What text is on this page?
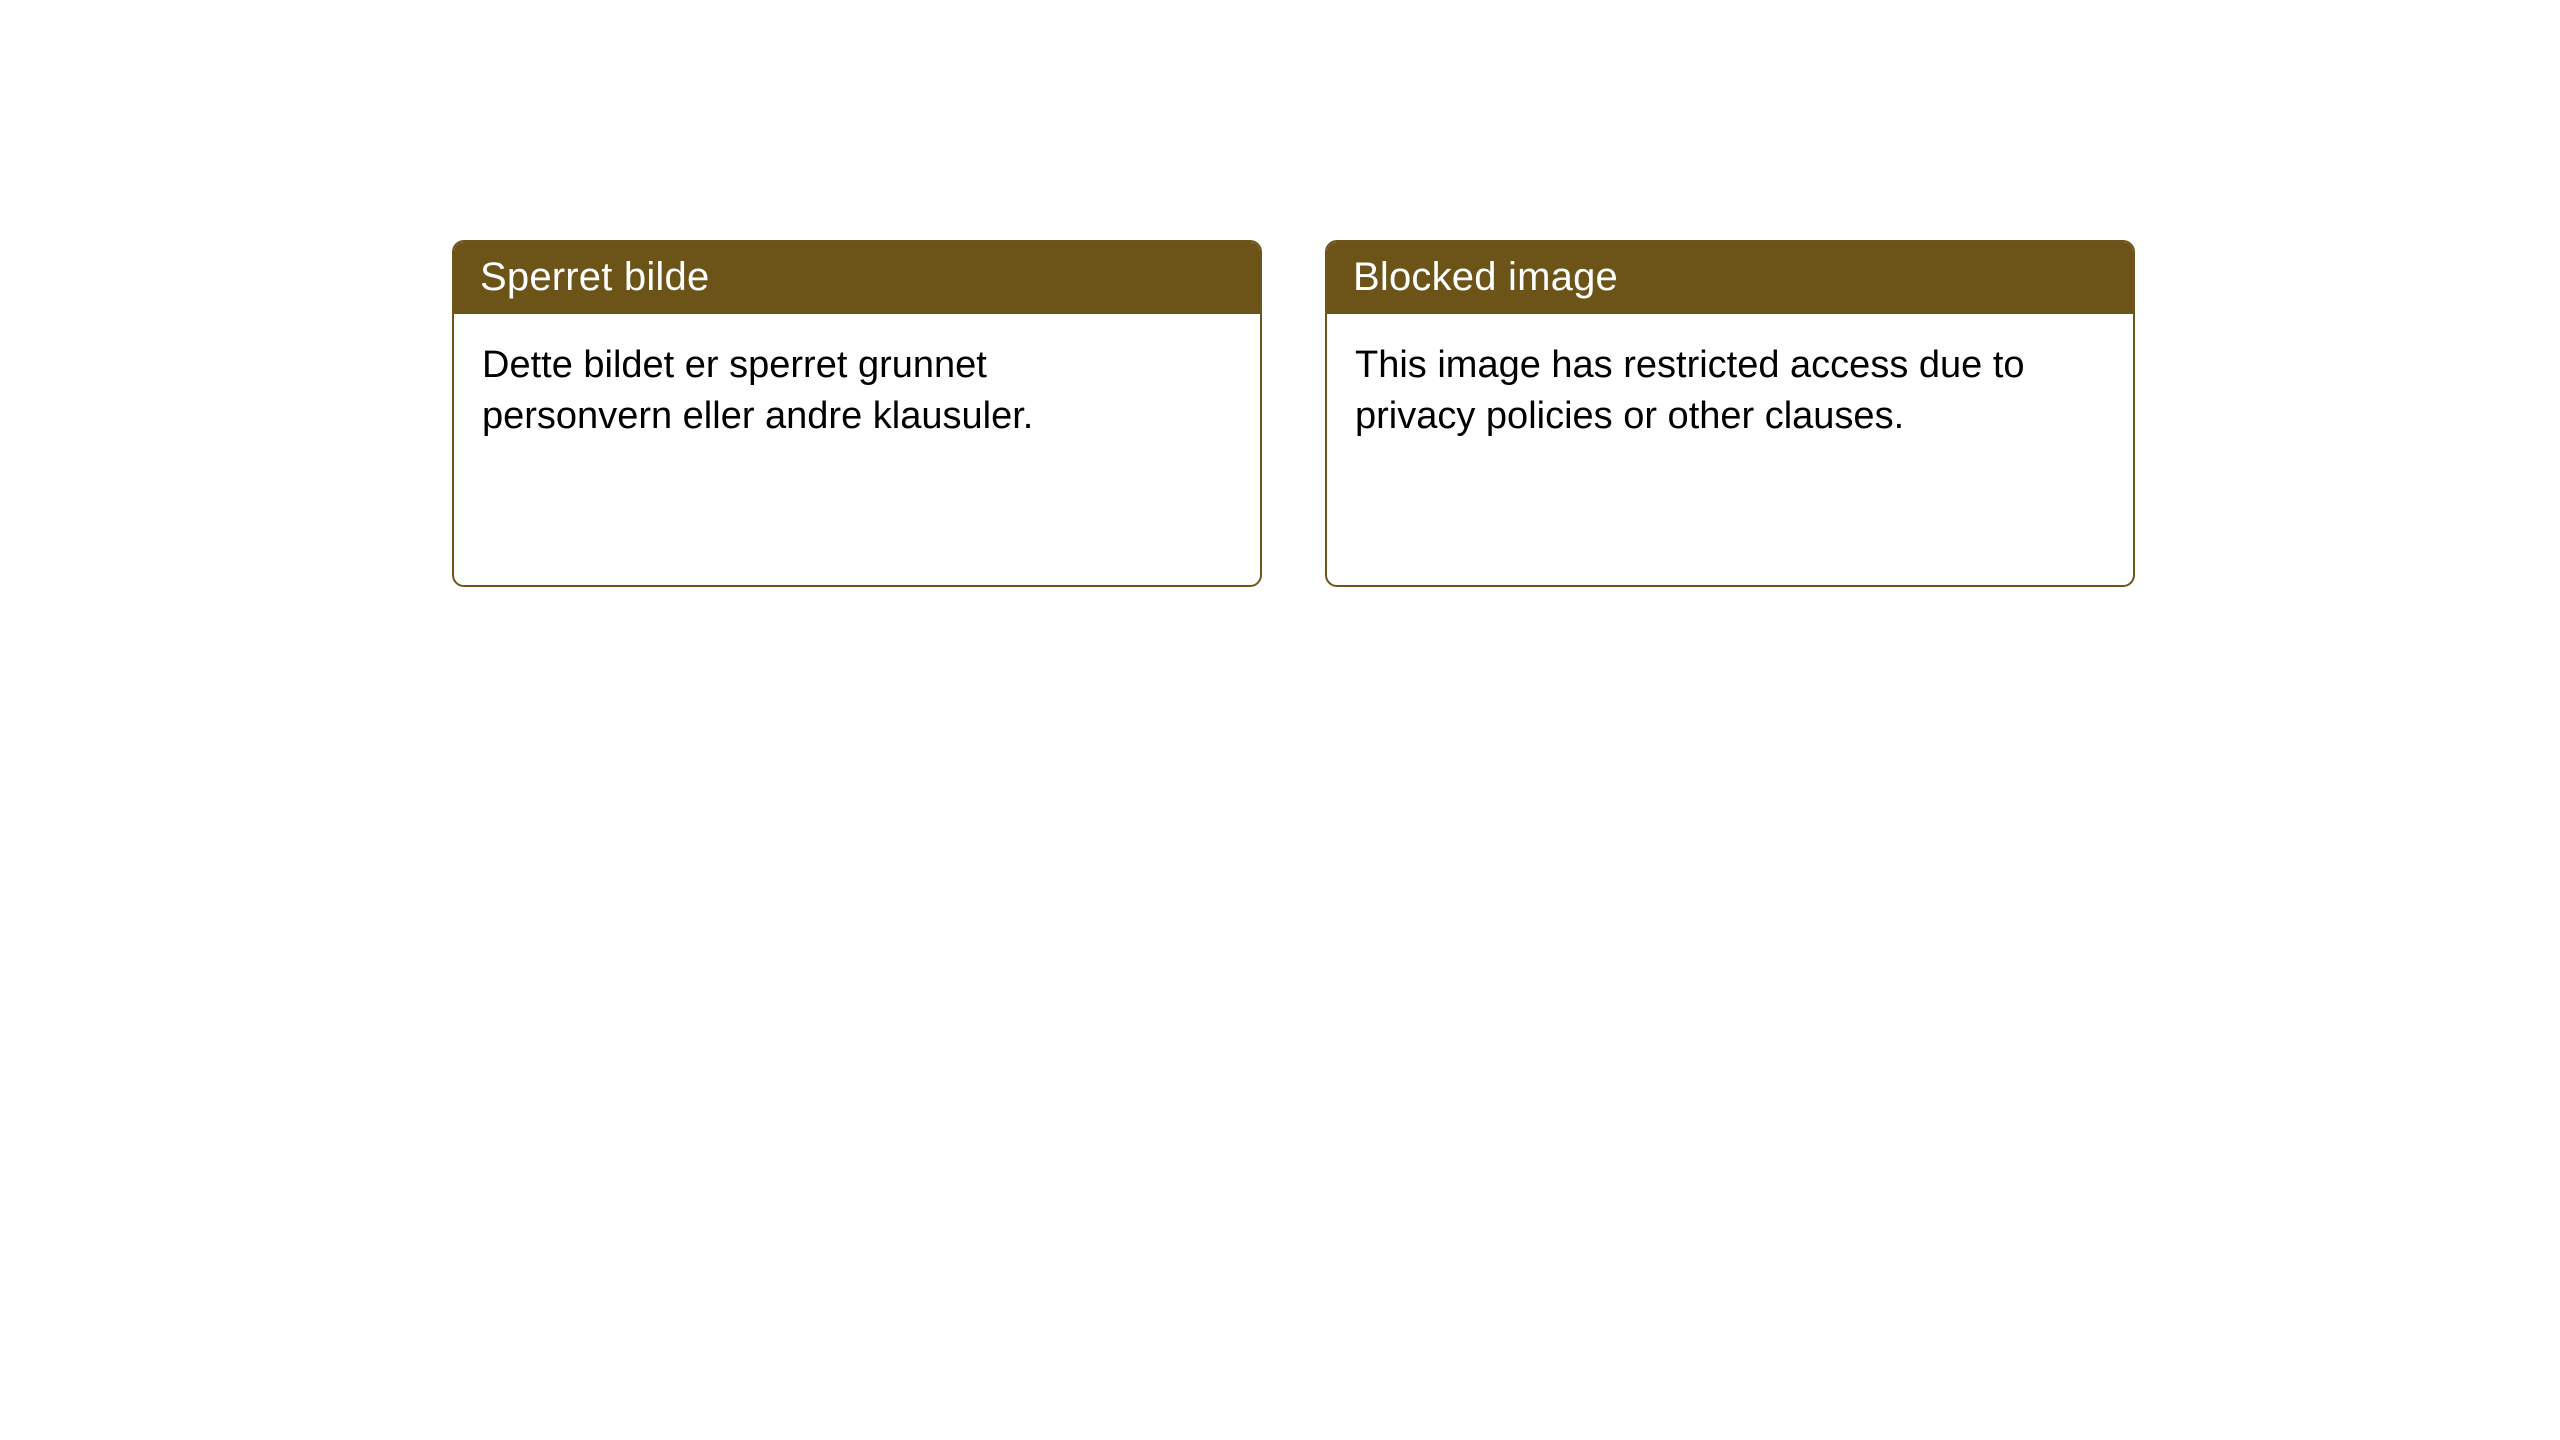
Sperret bilde

Dette bildet er sperret grunnet personvern eller andre klausuler.

Blocked image

This image has restricted access due to privacy policies or other clauses.
